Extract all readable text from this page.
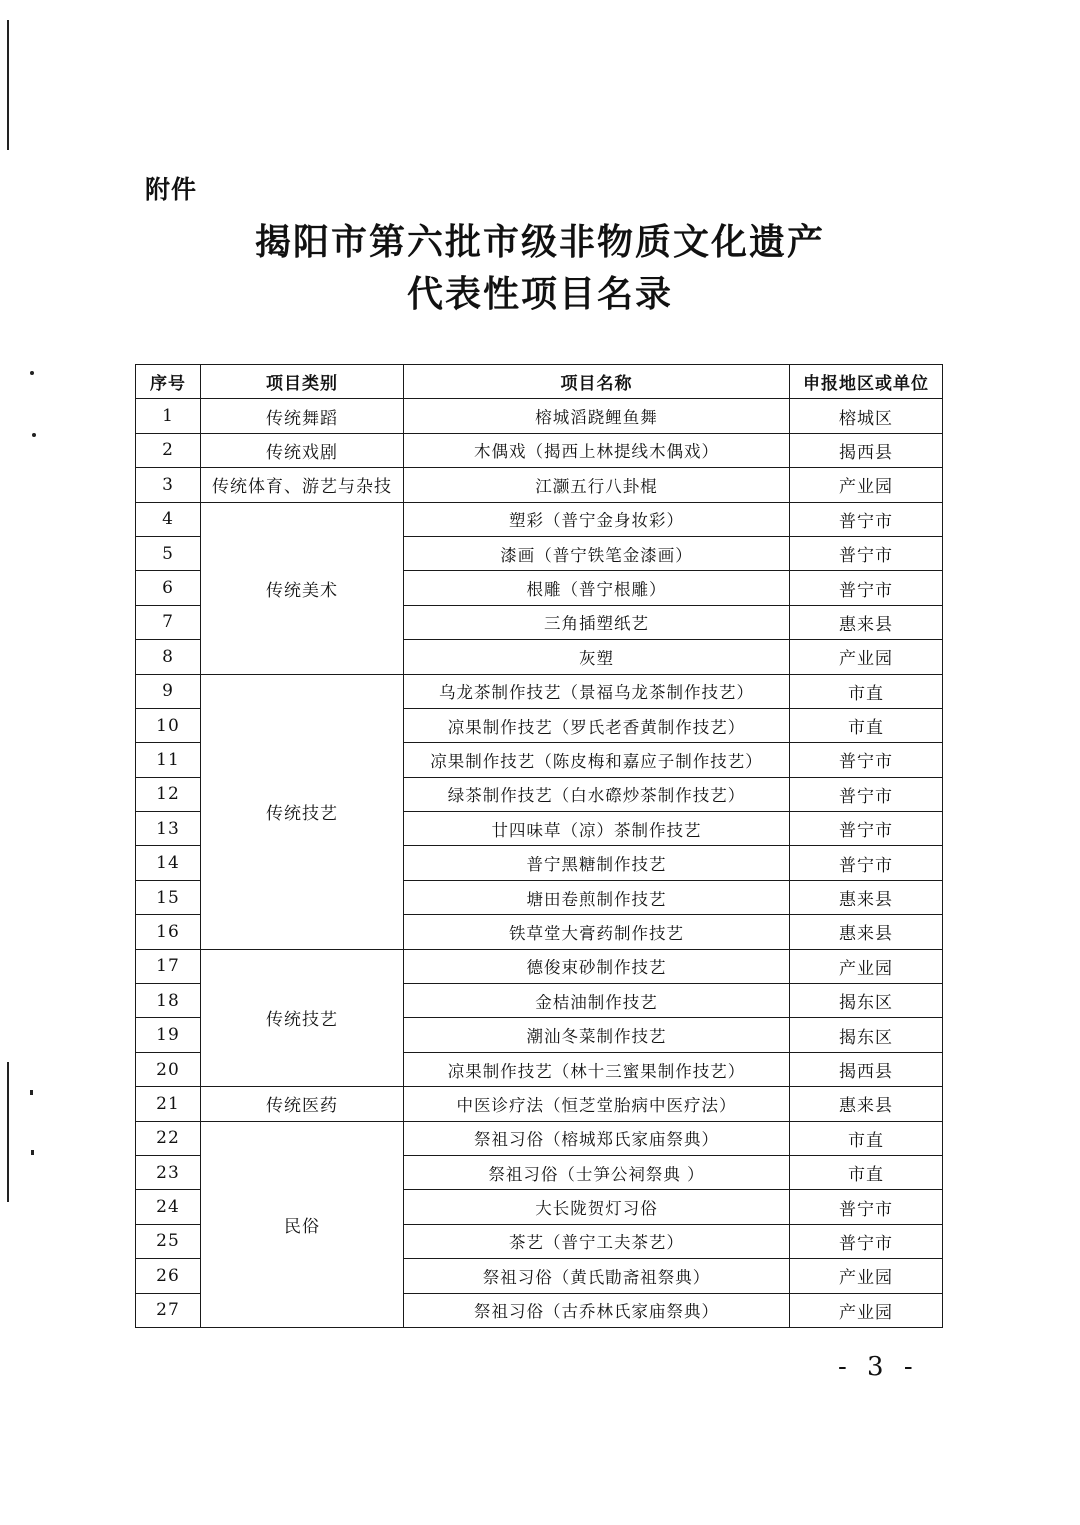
附件
揭阳市第六批市级非物质文化遗产
代表性项目名录
序号	项目类别	项目名称	申报地区或单位
1	传统舞蹈	榕城滔跷鲤鱼舞	榕城区
2	传统戏剧	木偶戏（揭西上林提线木偶戏）	揭西县
3	传统体育、游艺与杂技	江灏五行八卦棍	产业园
4	传统美术	塑彩（普宁金身妆彩）	普宁市
5		漆画（普宁铁笔金漆画）	普宁市
6		根雕（普宁根雕）	普宁市
7		三角插塑纸艺	惠来县
8		灰塑	产业园
9	传统技艺	乌龙茶制作技艺（景福乌龙茶制作技艺）	市直
10		凉果制作技艺（罗氏老香黄制作技艺）	市直
11		凉果制作技艺（陈皮梅和嘉应子制作技艺）	普宁市
12		绿茶制作技艺（白水磜炒茶制作技艺）	普宁市
13		廿四味草（凉）茶制作技艺	普宁市
14		普宁黑糖制作技艺	普宁市
15		塘田卷煎制作技艺	惠来县
16		铁草堂大膏药制作技艺	惠来县
17	传统技艺	德俊束砂制作技艺	产业园
18		金桔油制作技艺	揭东区
19		潮汕冬菜制作技艺	揭东区
20		凉果制作技艺（林十三蜜果制作技艺）	揭西县
21	传统医药	中医诊疗法（恒芝堂胎病中医疗法）	惠来县
22	民俗	祭祖习俗（榕城郑氏家庙祭典）	市直
23		祭祖习俗（士笋公祠祭典 ）	市直
24		大长陇贺灯习俗	普宁市
25		茶艺（普宁工夫茶艺）	普宁市
26		祭祖习俗（黄氏勖斋祖祭典）	产业园
27		祭祖习俗（古乔林氏家庙祭典）	产业园
- 3 -
